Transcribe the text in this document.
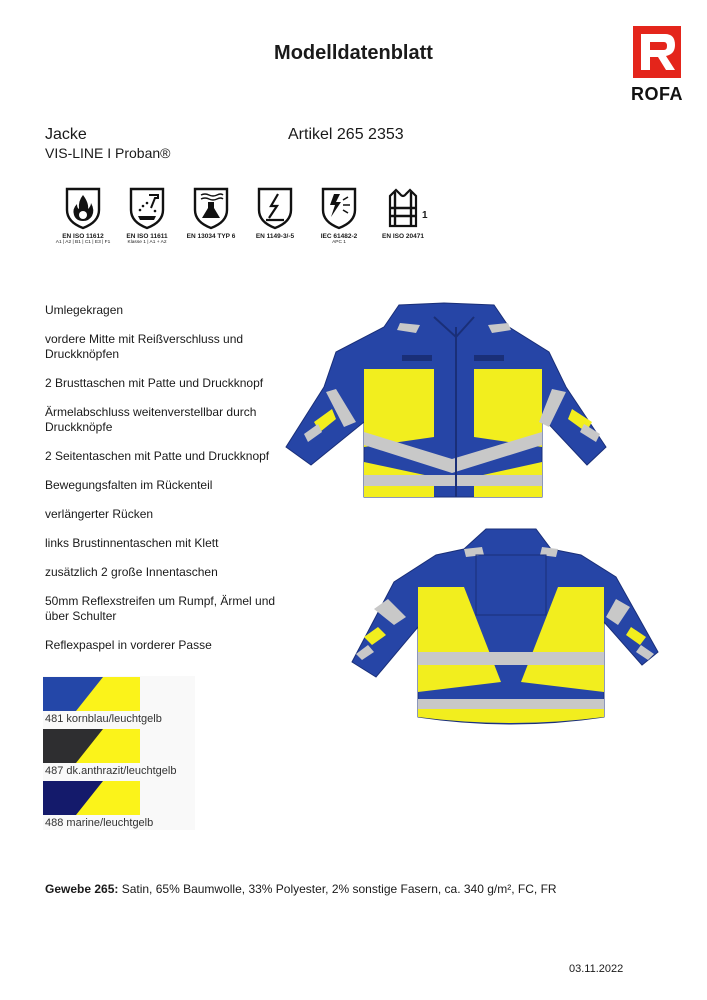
Modelldatenblatt
ROFA
Jacke
VIS-LINE I Proban®
Artikel 265 2353
EN ISO 11612
A1 | A2 | B1 | C1 | E3 | F1
EN ISO 11611
Klasse 1 | A1 + A2
EN 13034 TYP 6	EN 1149-3/-5	IEC 61482-2
APC 1
EN ISO 20471
1
Umlegekragen
vordere Mitte mit Reißverschluss und Druckknöpfen
2 Brusttaschen mit Patte und Druckknopf
Ärmelabschluss weitenverstellbar durch Druckknöpfe
2 Seitentaschen mit Patte und Druckknopf
Bewegungsfalten im Rückenteil
verlängerter Rücken
links Brustinnentaschen mit Klett
zusätzlich 2 große Innentaschen
50mm Reflexstreifen um Rumpf, Ärmel und über Schulter
Reflexpaspel in vorderer Passe
481 kornblau/leuchtgelb
487 dk.anthrazit/leuchtgelb
488 marine/leuchtgelb
Gewebe 265: Satin, 65% Baumwolle, 33% Polyester, 2% sonstige Fasern, ca. 340 g/m², FC, FR
03.11.2022
